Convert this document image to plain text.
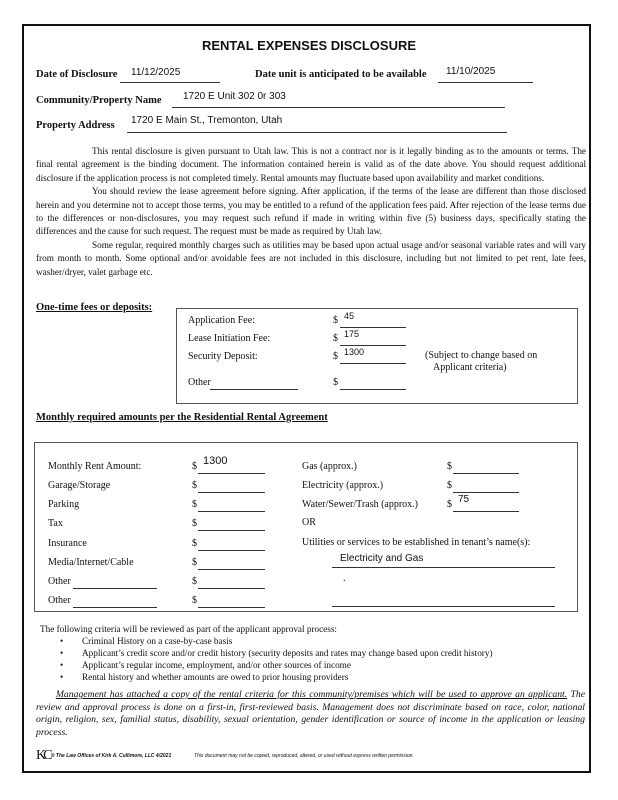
RENTAL EXPENSES DISCLOSURE
Date of Disclosure 11/12/2025	Date unit is anticipated to be available 11/10/2025
Community/Property Name 1720 E Unit 302 0r 303
Property Address 1720 E Main St., Tremonton, Utah

This rental disclosure is given pursuant to Utah law. This is not a contract nor is it legally binding as to the amounts or terms. The final rental agreement is the binding document. The information contained herein is valid as of the date above. You should request additional disclosure if the application process is not completed timely. Rental amounts may fluctuate based upon availability and market conditions.

You should review the lease agreement before signing. After application, if the terms of the lease are different than those disclosed herein and you determine not to accept those terms, you may be entitled to a refund of the application fees paid. After rejection of the lease terms due to the differences or non-disclosures, you may request such refund if made in writing within five (5) business days, specifically stating the differences and the cause for such request. The request must be made as required by Utah law.

Some regular, required monthly charges such as utilities may be based upon actual usage and/or seasonal variable rates and will vary from month to month. Some optional and/or avoidable fees are not included in this disclosure, including but not limited to pet rent, late fees, washer/dryer, valet garbage etc.

One-time fees or deposits:
Application Fee:	$ 45
Lease Initiation Fee:	$ 175
Security Deposit:	$ 1300
Other	$
(Subject to change based on
Applicant criteria)
Monthly required amounts per the Residential Rental Agreement
Monthly Rent Amount:	$ 1300	Gas (approx.)	$
Garage/Storage	$	Electricity (approx.)	$
Parking	$	Water/Sewer/Trash (approx.)	$ 75
Tax	$
Insurance	$
Media/Internet/Cable	$
Other	$
Other	$
OR
Utilities or services to be established in tenant’s name(s):
Electricity and Gas
.
The following criteria will be reviewed as part of the applicant approval process:
• Criminal History on a case-by-case basis
• Applicant’s credit score and/or credit history (security deposits and rates may change based upon credit history)
• Applicant’s regular income, employment, and/or other sources of income
• Rental history and whether amounts are owed to prior housing providers
Management has attached a copy of the rental criteria for this community/premises which will be used to approve an applicant. The review and approval process is done on a first-in, first-reviewed basis. Management does not discriminate based on race, color, national origin, religion, sex, familial status, disability, sexual orientation, gender identification or source of income in the application or leasing process.
KC ® The Law Offices of Kirk A. Cullimore, LLC 4/2021	This document may not be copied, reproduced, altered, or used without express written permission.
